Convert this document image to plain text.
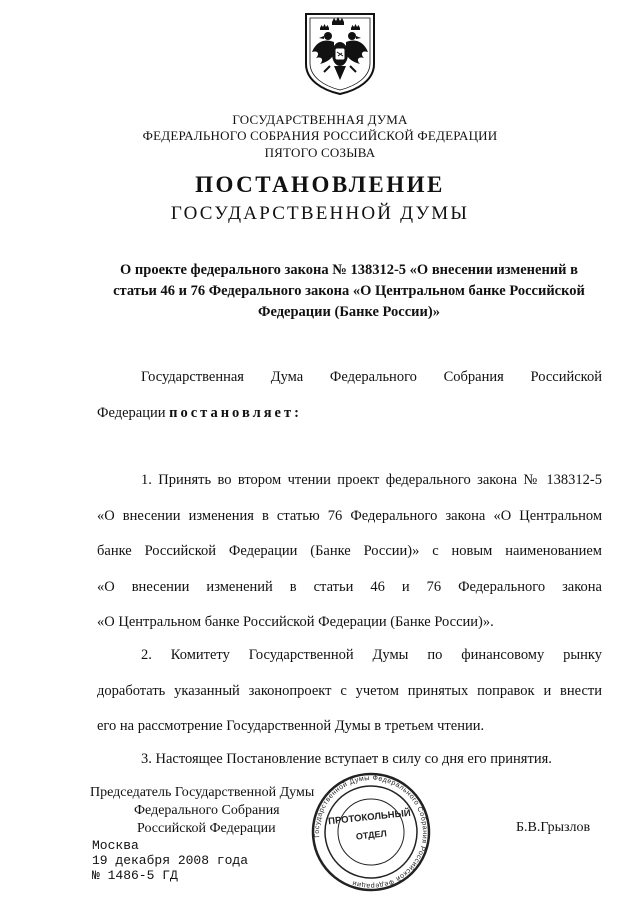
ГОСУДАРСТВЕННАЯ ДУМА
ФЕДЕРАЛЬНОГО СОБРАНИЯ РОССИЙСКОЙ ФЕДЕРАЦИИ
ПЯТОГО СОЗЫВА
ПОСТАНОВЛЕНИЕ
ГОСУДАРСТВЕННОЙ ДУМЫ
О проекте федерального закона № 138312-5 «О внесении изменений в
статьи 46 и 76 Федерального закона «О Центральном банке Российской
Федерации (Банке России)»
Государственная Дума Федерального Собрания Российской
Федерации постановляет:
1. Принять во втором чтении проект федерального закона № 138312-5
«О внесении изменения в статью 76 Федерального закона «О Центральном
банке Российской Федерации (Банке России)» с новым наименованием
«О внесении изменений в статьи 46 и 76 Федерального закона
«О Центральном банке Российской Федерации (Банке России)».
2. Комитету Государственной Думы по финансовому рынку
доработать указанный законопроект с учетом принятых поправок и внести
его на рассмотрение Государственной Думы в третьем чтении.
3. Настоящее Постановление вступает в силу со дня его принятия.
Председатель Государственной Думы
Федерального Собрания
Российской Федерации	Б.В.Грызлов
Москва
19 декабря 2008 года
№ 1486-5 ГД
Государственной Думы Федерального Собрания Российской Федерации
ПРОТОКОЛЬНЫЙ
ОТДЕЛ
